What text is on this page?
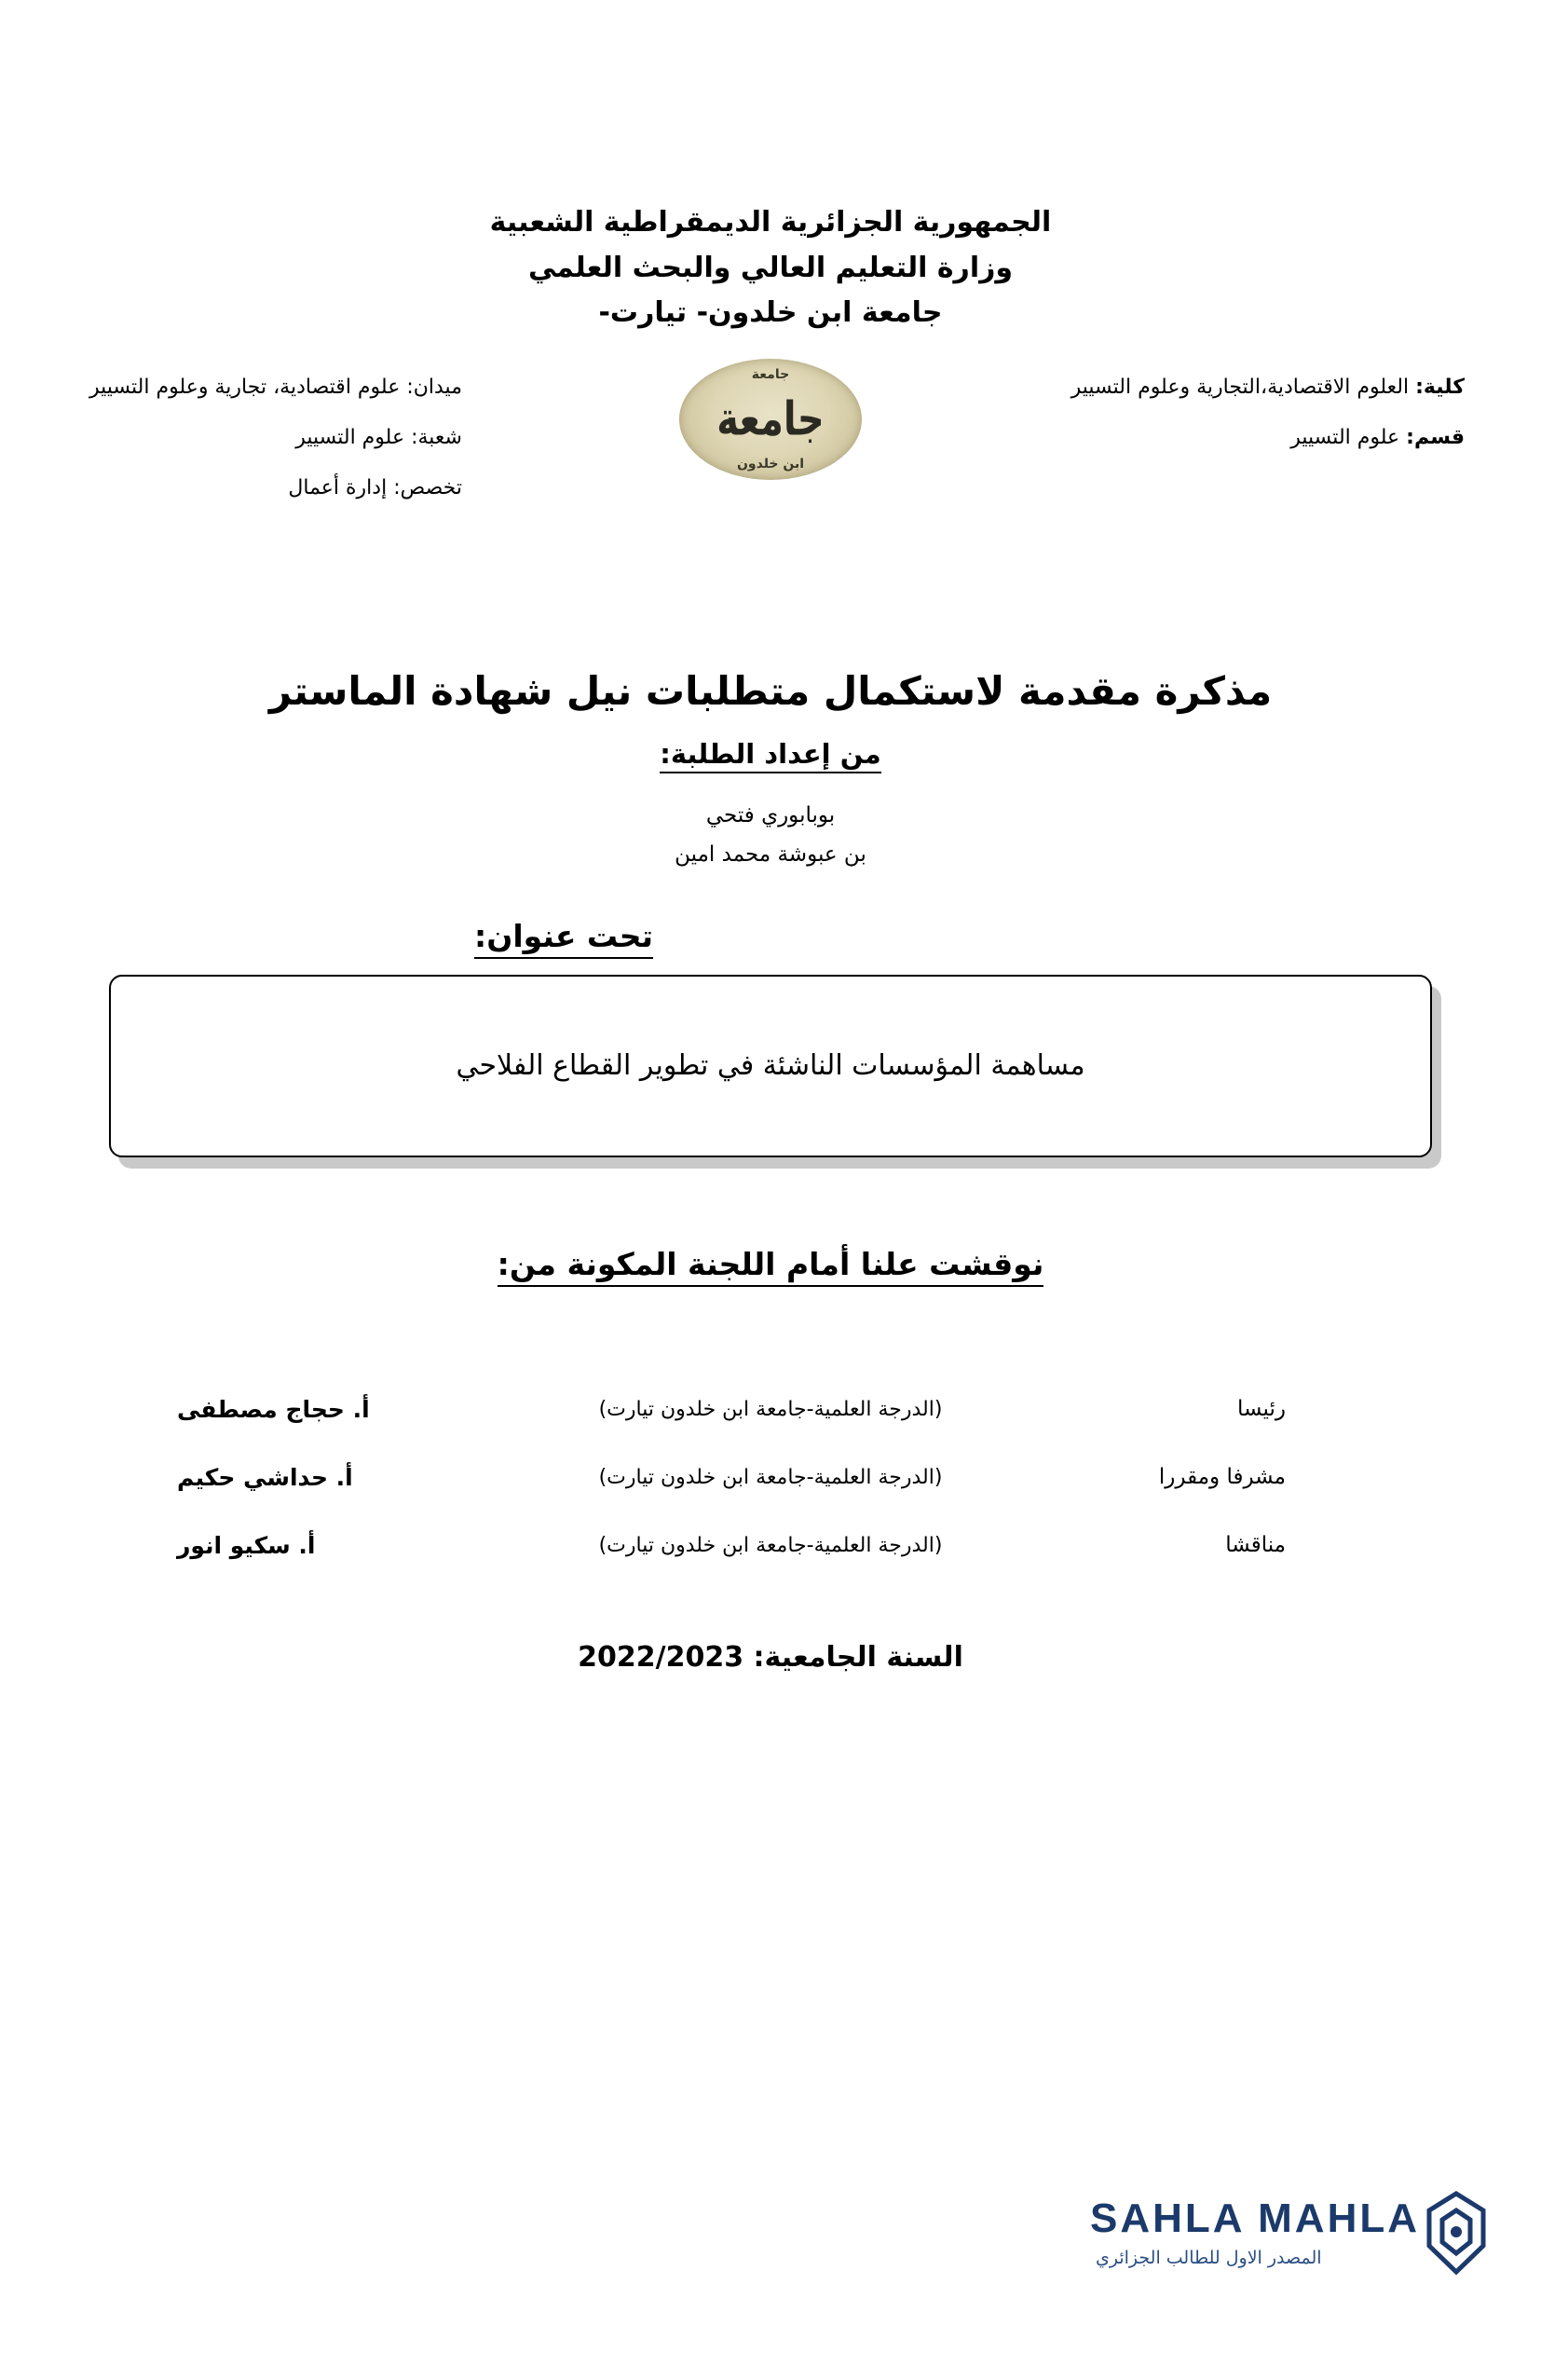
الجمهورية الجزائرية الديمقراطية الشعبية
وزارة التعليم العالي والبحث العلمي
جامعة ابن خلدون- تيارت-
كلية: العلوم الاقتصادية،التجارية وعلوم التسيير
قسم: علوم التسيير
جامعة
جامعة
ابن خلدون
ميدان: علوم اقتصادية، تجارية وعلوم التسيير
شعبة: علوم التسيير
تخصص: إدارة أعمال
مذكرة مقدمة لاستكمال متطلبات نيل شهادة الماستر
من إعداد الطلبة:
بوبابوري فتحي
بن عبوشة محمد امين
تحت عنوان:
مساهمة المؤسسات الناشئة في تطوير القطاع الفلاحي
نوقشت علنا أمام اللجنة المكونة من:
رئيسا	(الدرجة العلمية-جامعة ابن خلدون تيارت)	أ. حجاج مصطفى
مشرفا ومقررا	(الدرجة العلمية-جامعة ابن خلدون تيارت)	أ. حداشي حكيم
مناقشا	(الدرجة العلمية-جامعة ابن خلدون تيارت)	أ. سكيو انور
السنة الجامعية: 2022/2023
SAHLA MAHLA
المصدر الاول للطالب الجزائري
